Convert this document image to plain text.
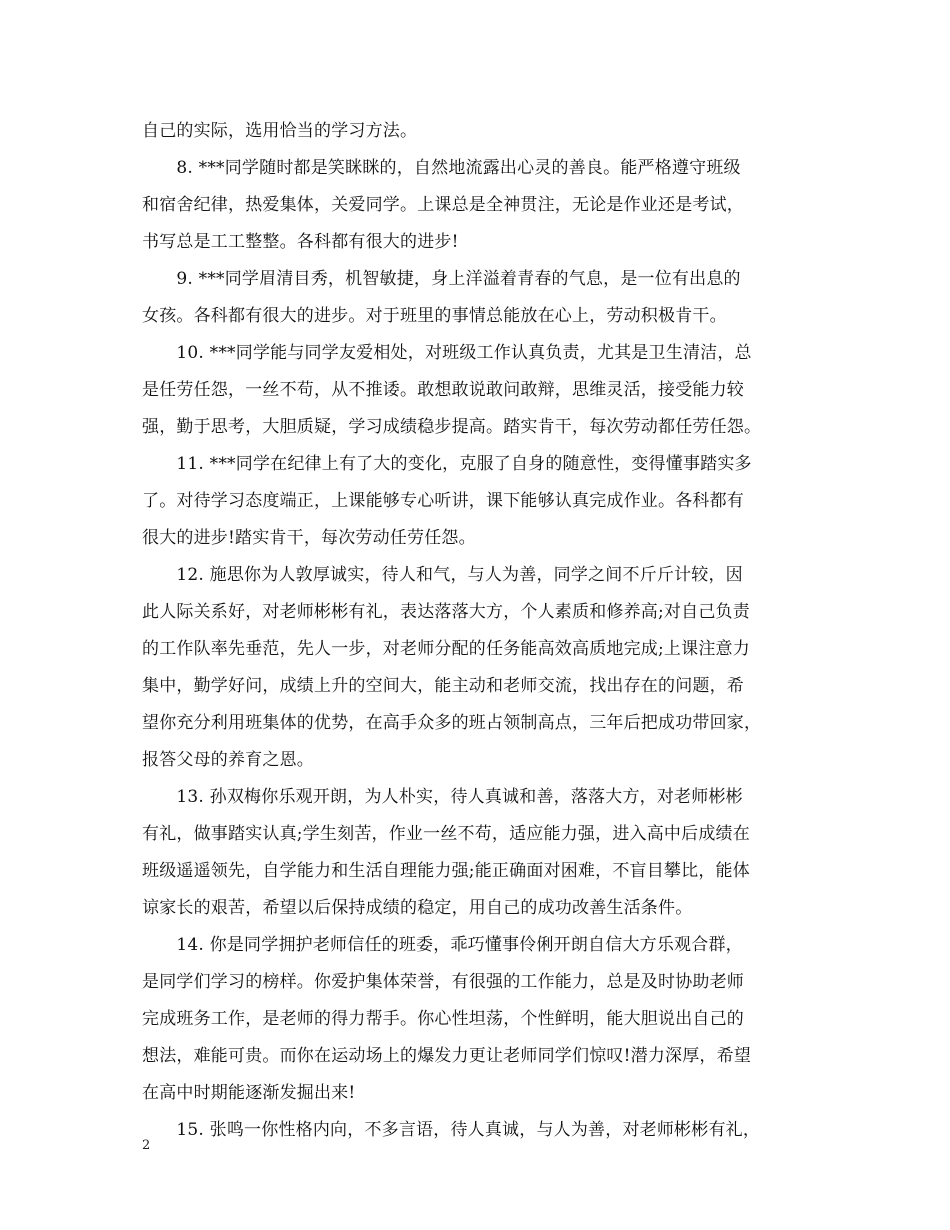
自己的实际，选用恰当的学习方法。
　　8. ***同学随时都是笑眯眯的，自然地流露出心灵的善良。能严格遵守班级
和宿舍纪律，热爱集体，关爱同学。上课总是全神贯注，无论是作业还是考试，
书写总是工工整整。各科都有很大的进步!
　　9. ***同学眉清目秀，机智敏捷，身上洋溢着青春的气息，是一位有出息的
女孩。各科都有很大的进步。对于班里的事情总能放在心上，劳动积极肯干。
　　10. ***同学能与同学友爱相处，对班级工作认真负责，尤其是卫生清洁，总
是任劳任怨，一丝不苟，从不推诿。敢想敢说敢问敢辩，思维灵活，接受能力较
强，勤于思考，大胆质疑，学习成绩稳步提高。踏实肯干，每次劳动都任劳任怨。
　　11. ***同学在纪律上有了大的变化，克服了自身的随意性，变得懂事踏实多
了。对待学习态度端正，上课能够专心听讲，课下能够认真完成作业。各科都有
很大的进步!踏实肯干，每次劳动任劳任怨。
　　12. 施思你为人敦厚诚实，待人和气，与人为善，同学之间不斤斤计较，因
此人际关系好，对老师彬彬有礼，表达落落大方，个人素质和修养高;对自己负责
的工作队率先垂范，先人一步，对老师分配的任务能高效高质地完成;上课注意力
集中，勤学好问，成绩上升的空间大，能主动和老师交流，找出存在的问题，希
望你充分利用班集体的优势，在高手众多的班占领制高点，三年后把成功带回家，
报答父母的养育之恩。
　　13. 孙双梅你乐观开朗，为人朴实，待人真诚和善，落落大方，对老师彬彬
有礼，做事踏实认真;学生刻苦，作业一丝不苟，适应能力强，进入高中后成绩在
班级遥遥领先，自学能力和生活自理能力强;能正确面对困难，不盲目攀比，能体
谅家长的艰苦，希望以后保持成绩的稳定，用自己的成功改善生活条件。
　　14. 你是同学拥护老师信任的班委，乖巧懂事伶俐开朗自信大方乐观合群，
是同学们学习的榜样。你爱护集体荣誉，有很强的工作能力，总是及时协助老师
完成班务工作，是老师的得力帮手。你心性坦荡，个性鲜明，能大胆说出自己的
想法，难能可贵。而你在运动场上的爆发力更让老师同学们惊叹!潜力深厚，希望
在高中时期能逐渐发掘出来!
　　15. 张鸣一你性格内向，不多言语，待人真诚，与人为善，对老师彬彬有礼，
2
